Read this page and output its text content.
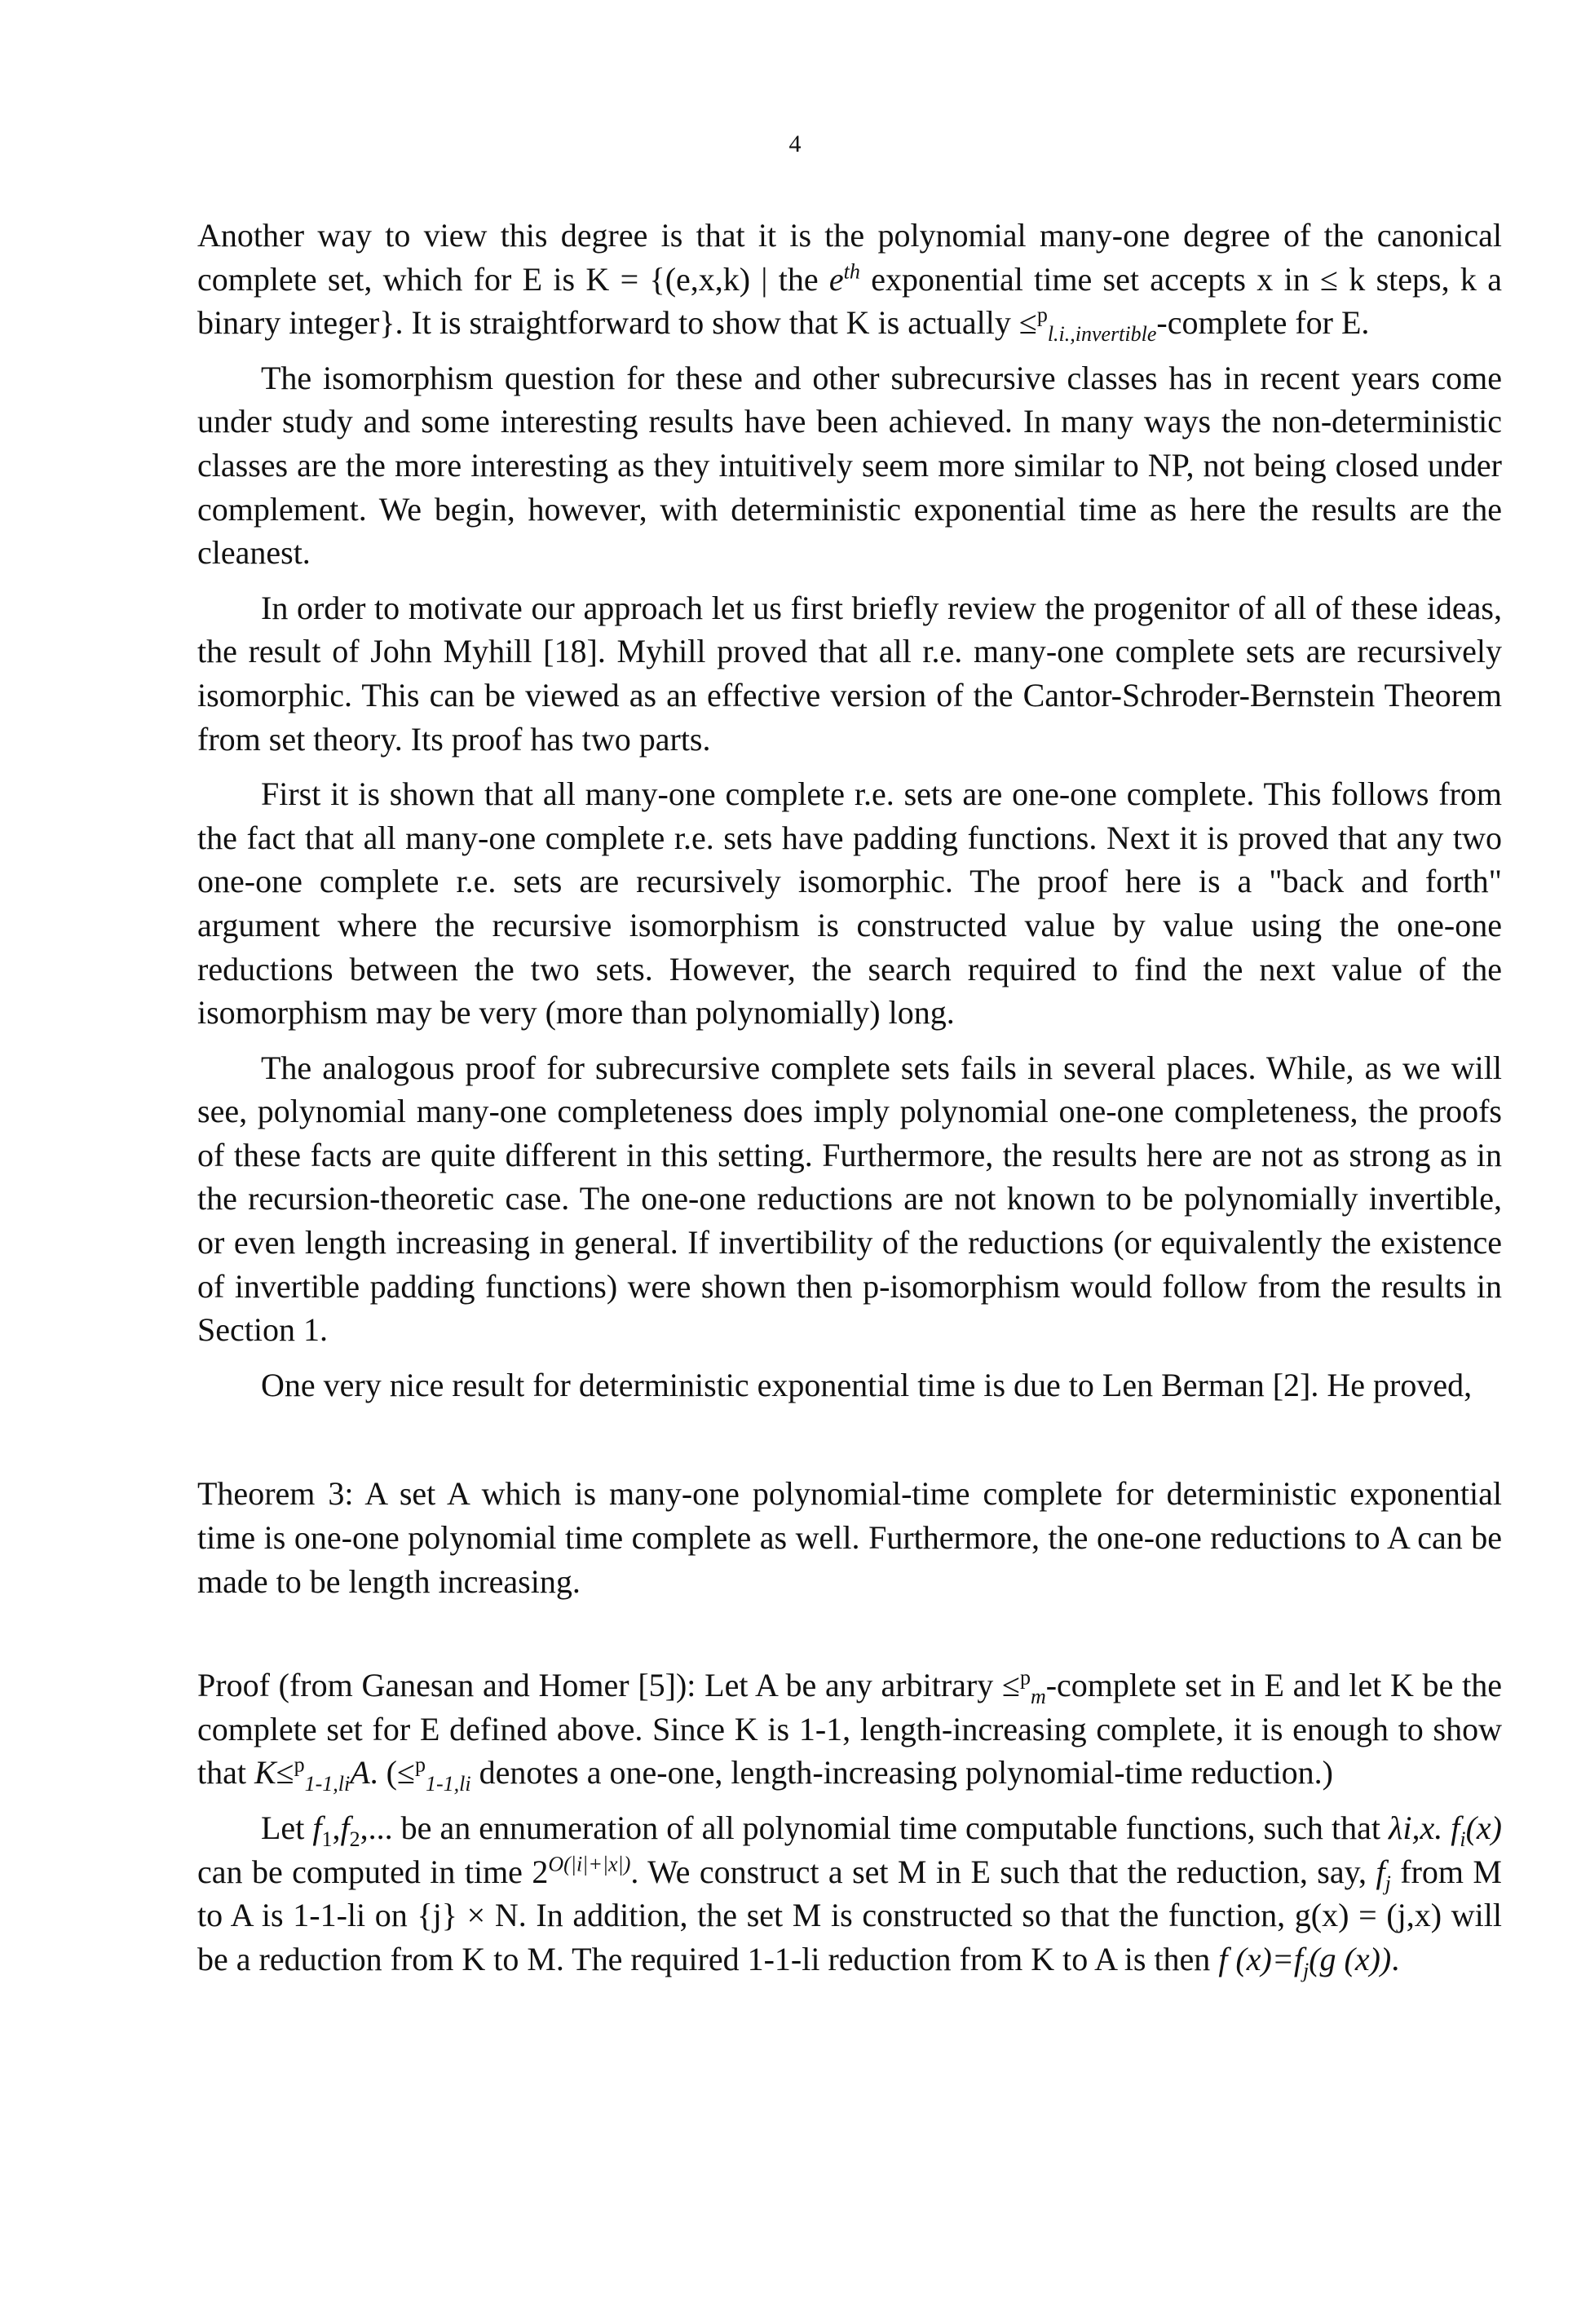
4

Another way to view this degree is that it is the polynomial many-one degree of the canonical complete set, which for E is K = {(e,x,k) | the $e^{th}$ exponential time set accepts x in ≤ k steps, k a binary integer}. It is straightforward to show that K is actually ≤$^p_{l.i.,invertible}$-complete for E.

The isomorphism question for these and other subrecursive classes has in recent years come under study and some interesting results have been achieved. In many ways the non-deterministic classes are the more interesting as they intuitively seem more similar to NP, not being closed under complement. We begin, however, with deterministic exponential time as here the results are the cleanest.

In order to motivate our approach let us first briefly review the progenitor of all of these ideas, the result of John Myhill [18]. Myhill proved that all r.e. many-one complete sets are recursively isomorphic. This can be viewed as an effective version of the Cantor-Schroder-Bernstein Theorem from set theory. Its proof has two parts.

First it is shown that all many-one complete r.e. sets are one-one complete. This follows from the fact that all many-one complete r.e. sets have padding functions. Next it is proved that any two one-one complete r.e. sets are recursively isomorphic. The proof here is a "back and forth" argument where the recursive isomorphism is constructed value by value using the one-one reductions between the two sets. However, the search required to find the next value of the isomorphism may be very (more than polynomially) long.

The analogous proof for subrecursive complete sets fails in several places. While, as we will see, polynomial many-one completeness does imply polynomial one-one completeness, the proofs of these facts are quite different in this setting. Furthermore, the results here are not as strong as in the recursion-theoretic case. The one-one reductions are not known to be polynomially invertible, or even length increasing in general. If invertibility of the reductions (or equivalently the existence of invertible padding functions) were shown then p-isomorphism would follow from the results in Section 1.

One very nice result for deterministic exponential time is due to Len Berman [2]. He proved,

Theorem 3: A set A which is many-one polynomial-time complete for deterministic exponential time is one-one polynomial time complete as well. Furthermore, the one-one reductions to A can be made to be length increasing.

Proof (from Ganesan and Homer [5]): Let A be any arbitrary ≤$^p_m$-complete set in E and let K be the complete set for E defined above. Since K is 1-1, length-increasing complete, it is enough to show that K≤$^p_{1-1,li}$A. (≤$^p_{1-1,li}$ denotes a one-one, length-increasing polynomial-time reduction.)

Let $f_1,f_2$,... be an ennumeration of all polynomial time computable functions, such that λi,x. $f_i(x)$ can be computed in time $2^{O(|i|+|x|)}$. We construct a set M in E such that the reduction, say, $f_j$ from M to A is 1-1-li on {j} × N. In addition, the set M is constructed so that the function, g(x) = (j,x) will be a reduction from K to M. The required 1-1-li reduction from K to A is then f $(x)=f_j(g$ (x)).
